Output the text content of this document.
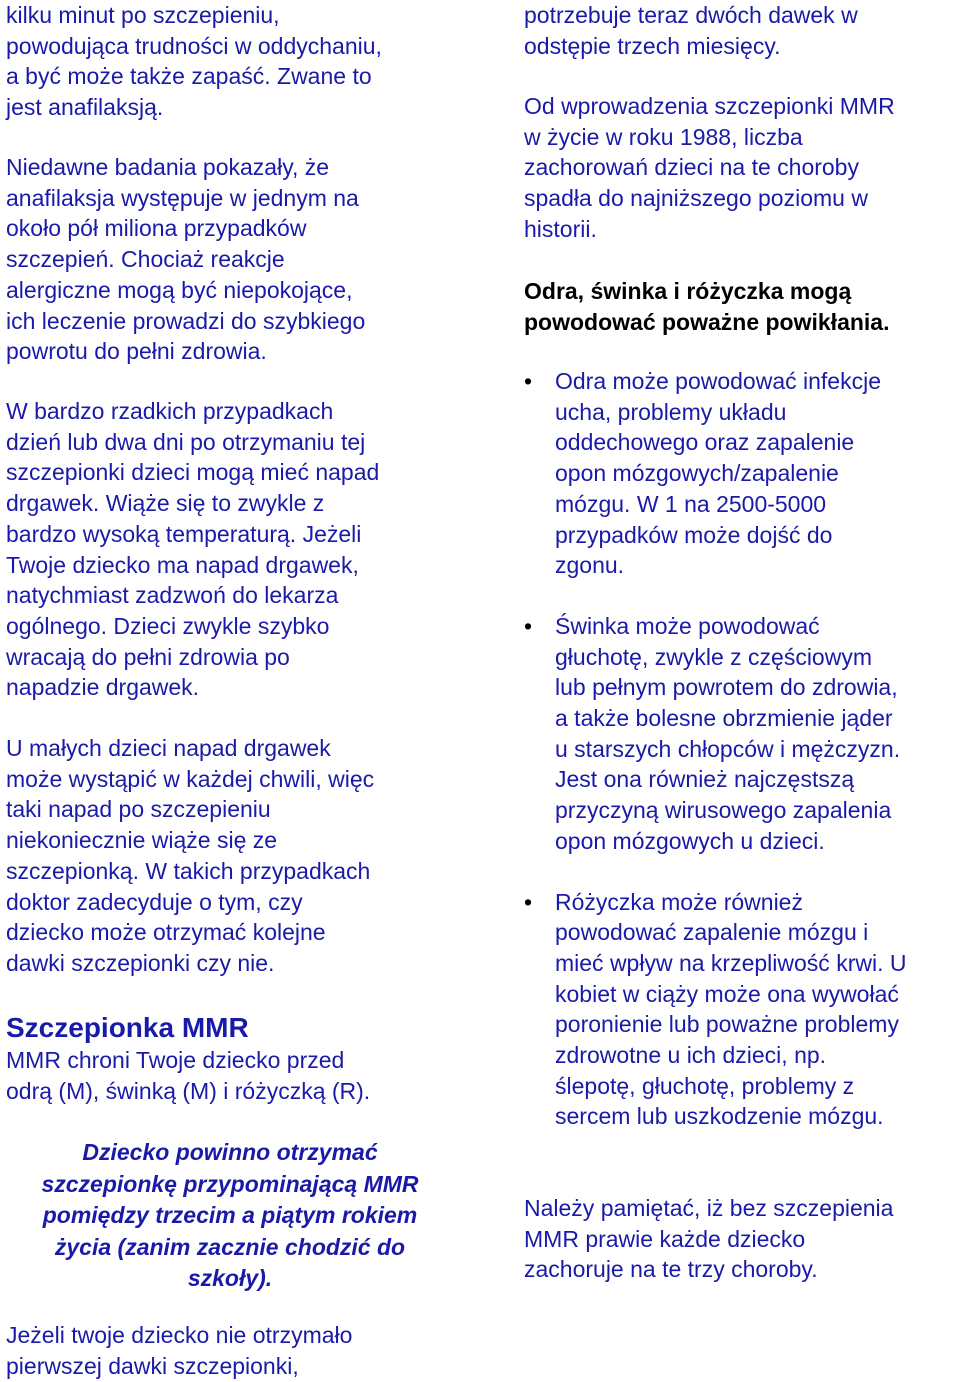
kilku minut po szczepieniu,
powodująca trudności w oddychaniu,
a być może także zapaść. Zwane to
jest anafilaksją.

Niedawne badania pokazały, że
anafilaksja występuje w jednym na
około pół miliona przypadków
szczepień. Chociaż reakcje
alergiczne mogą być niepokojące,
ich leczenie prowadzi do szybkiego
powrotu do pełni zdrowia.

W bardzo rzadkich przypadkach
dzień lub dwa dni po otrzymaniu tej
szczepionki dzieci mogą mieć napad
drgawek. Wiąże się to zwykle z
bardzo wysoką temperaturą. Jeżeli
Twoje dziecko ma napad drgawek,
natychmiast zadzwoń do lekarza
ogólnego. Dzieci zwykle szybko
wracają do pełni zdrowia po
napadzie drgawek.

U małych dzieci napad drgawek
może wystąpić w każdej chwili, więc
taki napad po szczepieniu
niekoniecznie wiąże się ze
szczepionką. W takich przypadkach
doktor zadecyduje o tym, czy
dziecko może otrzymać kolejne
dawki szczepionki czy nie.

Szczepionka MMR

MMR chroni Twoje dziecko przed
odrą (M), świnką (M) i różyczką (R).

Dziecko powinno otrzymać
szczepionkę przypominającą MMR
pomiędzy trzecim a piątym rokiem
życia (zanim zacznie chodzić do
szkoły).

Jeżeli twoje dziecko nie otrzymało
pierwszej dawki szczepionki,

potrzebuje teraz dwóch dawek w
odstępie trzech miesięcy.

Od wprowadzenia szczepionki MMR
w życie w roku 1988, liczba
zachorowań dzieci na te choroby
spadła do najniższego poziomu w
historii.

Odra, świnka i różyczka mogą
powodować poważne powikłania.

• Odra może powodować infekcje
ucha, problemy układu
oddechowego oraz zapalenie
opon mózgowych/zapalenie
mózgu. W 1 na 2500-5000
przypadków może dojść do
zgonu.

• Świnka może powodować
głuchotę, zwykle z częściowym
lub pełnym powrotem do zdrowia,
a także bolesne obrzmienie jąder
u starszych chłopców i mężczyzn.
Jest ona również najczęstszą
przyczyną wirusowego zapalenia
opon mózgowych u dzieci.

• Różyczka może również
powodować zapalenie mózgu i
mieć wpływ na krzepliwość krwi. U
kobiet w ciąży może ona wywołać
poronienie lub poważne problemy
zdrowotne u ich dzieci, np.
ślepotę, głuchotę, problemy z
sercem lub uszkodzenie mózgu.

Należy pamiętać, iż bez szczepienia
MMR prawie każde dziecko
zachoruje na te trzy choroby.
